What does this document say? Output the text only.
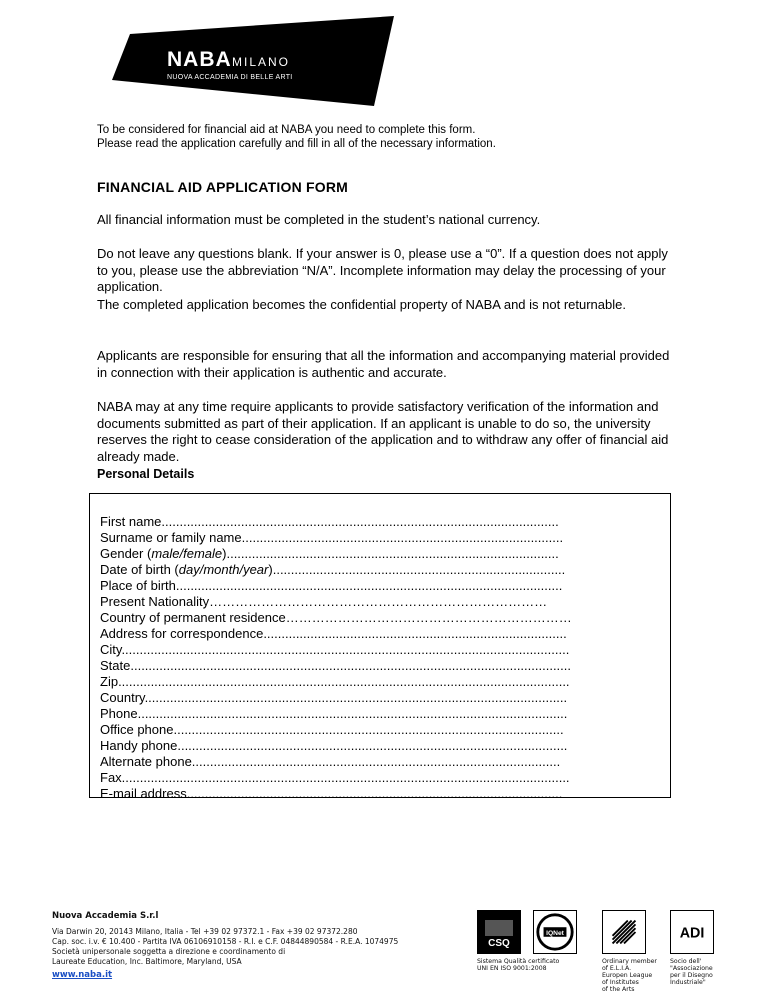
NABA MILANO
NUOVA ACCADEMIA DI BELLE ARTI
To be considered for financial aid at NABA you need to complete this form.
Please read the application carefully and fill in all of the necessary information.
FINANCIAL AID APPLICATION FORM
All financial information must be completed in the student’s national currency.
Do not leave any questions blank. If your answer is 0, please use a “0”. If a question does not apply to you, please use the abbreviation “N/A”. Incomplete information may delay the processing of your application.
The completed application becomes the confidential property of NABA and is not returnable.
Applicants are responsible for ensuring that all the information and accompanying material provided in connection with their application is authentic and accurate.
NABA may at any time require applicants to provide satisfactory verification of the information and documents submitted as part of their application. If an applicant is unable to do so, the university reserves the right to cease consideration of the application and to withdraw any offer of financial aid already made.
Personal Details
First name..............................................................................................................
Surname or family name.........................................................................................
Gender (male/female)............................................................................................
Date of birth (day/month/year).................................................................................
Place of birth...........................................................................................................
Present Nationality……………………………………………………………………
Country of permanent residence…………………………………………………………
Address for correspondence....................................................................................
City............................................................................................................................
State..........................................................................................................................
Zip.............................................................................................................................
Country.....................................................................................................................
Phone.......................................................................................................................
Office phone............................................................................................................
Handy phone............................................................................................................
Alternate phone......................................................................................................
Fax............................................................................................................................
E-mail address........................................................................................................
Nuova Accademia S.r.l
Via Darwin 20, 20143 Milano, Italia - Tel +39 02 97372.1 - Fax +39 02 97372.280
Cap. soc. i.v. € 10.400 - Partita IVA 06106910158 - R.I. e C.F. 04844890584 - R.E.A. 1074975
Società unipersonale soggetta a direzione e coordinamento di
Laureate Education, Inc. Baltimore, Maryland, USA
www.naba.it
CSQ
IQNet
Sistema Qualità certificato
UNI EN ISO 9001:2008
Ordinary member
of E.L.I.A.
Europen League
of Institutes
of the Arts
ADI
Socio dell'
"Associazione
per il Disegno
Industriale"
